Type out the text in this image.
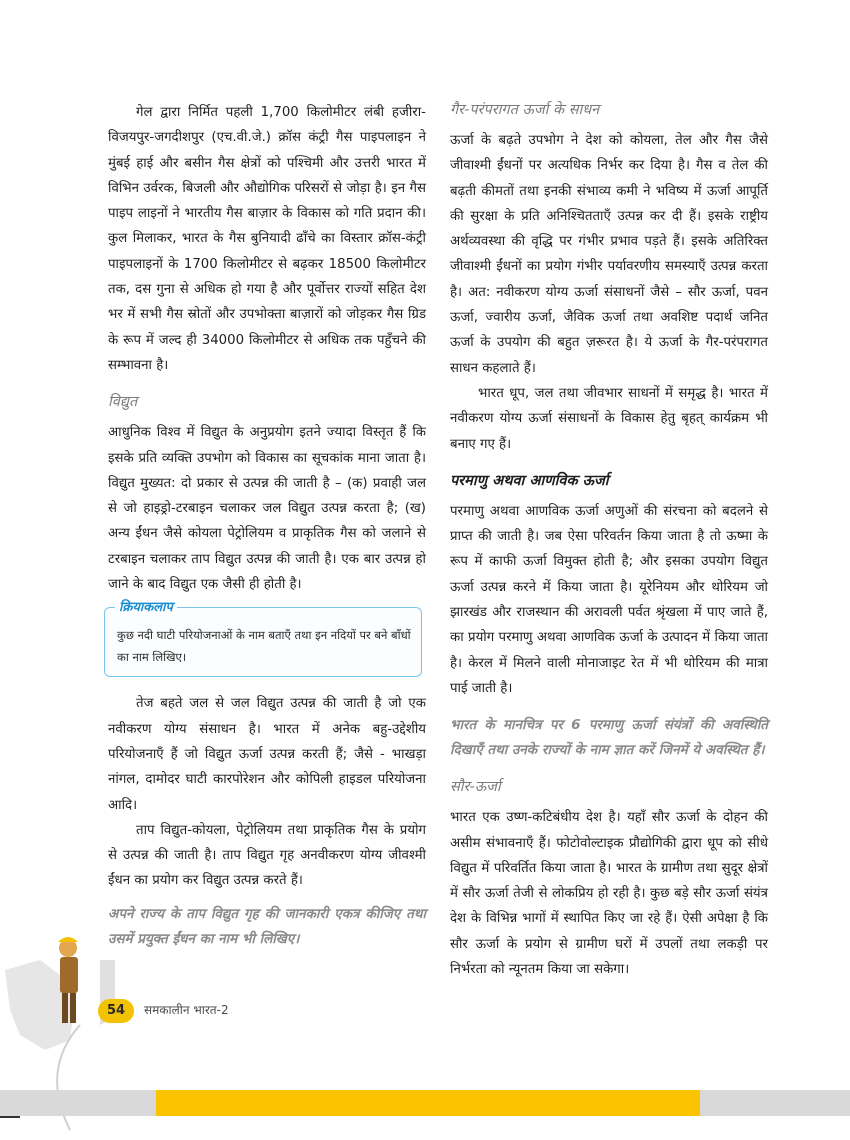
गेल द्वारा निर्मित पहली 1,700 किलोमीटर लंबी हजीरा-विजयपुर-जगदीशपुर (एच.वी.जे.) क्रॉस कंट्री गैस पाइपलाइन ने मुंबई हाई और बसीन गैस क्षेत्रों को पश्चिमी और उत्तरी भारत में विभिन उर्वरक, बिजली और औद्योगिक परिसरों से जोड़ा है। इन गैस पाइप लाइनों ने भारतीय गैस बाज़ार के विकास को गति प्रदान की। कुल मिलाकर, भारत के गैस बुनियादी ढाँचे का विस्तार क्रॉस-कंट्री पाइपलाइनों के 1700 किलोमीटर से बढ़कर 18500 किलोमीटर तक, दस गुना से अधिक हो गया है और पूर्वोत्तर राज्यों सहित देश भर में सभी गैस स्रोतों और उपभोक्ता बाज़ारों को जोड़कर गैस ग्रिड के रूप में जल्द ही 34000 किलोमीटर से अधिक तक पहुँचने की सम्भावना है।

विद्युत

आधुनिक विश्व में विद्युत के अनुप्रयोग इतने ज्यादा विस्तृत हैं कि इसके प्रति व्यक्ति उपभोग को विकास का सूचकांक माना जाता है। विद्युत मुख्यत: दो प्रकार से उत्पन्न की जाती है – (क) प्रवाही जल से जो हाइड्रो-टरबाइन चलाकर जल विद्युत उत्पन्न करता है; (ख) अन्य ईंधन जैसे कोयला पेट्रोलियम व प्राकृतिक गैस को जलाने से टरबाइन चलाकर ताप विद्युत उत्पन्न की जाती है। एक बार उत्पन्न हो जाने के बाद विद्युत एक जैसी ही होती है।

क्रियाकलाप

कुछ नदी घाटी परियोजनाओं के नाम बताएँ तथा इन नदियों पर बने बाँधों का नाम लिखिए।

तेज बहते जल से जल विद्युत उत्पन्न की जाती है जो एक नवीकरण योग्य संसाधन है। भारत में अनेक बहु-उद्देशीय परियोजनाएँ हैं जो विद्युत ऊर्जा उत्पन्न करती हैं; जैसे - भाखड़ा नांगल, दामोदर घाटी कारपोरेशन और कोपिली हाइडल परियोजना आदि।

ताप विद्युत-कोयला, पेट्रोलियम तथा प्राकृतिक गैस के प्रयोग से उत्पन्न की जाती है। ताप विद्युत गृह अनवीकरण योग्य जीवश्मी ईंधन का प्रयोग कर विद्युत उत्पन्न करते हैं।

अपने राज्य के ताप विद्युत गृह की जानकारी एकत्र कीजिए तथा उसमें प्रयुक्त ईंधन का नाम भी लिखिए।

गैर-परंपरागत ऊर्जा के साधन

ऊर्जा के बढ़ते उपभोग ने देश को कोयला, तेल और गैस जैसे जीवाश्मी ईंधनों पर अत्यधिक निर्भर कर दिया है। गैस व तेल की बढ़ती कीमतों तथा इनकी संभाव्य कमी ने भविष्य में ऊर्जा आपूर्ति की सुरक्षा के प्रति अनिश्चितताएँ उत्पन्न कर दी हैं। इसके राष्ट्रीय अर्थव्यवस्था की वृद्धि पर गंभीर प्रभाव पड़ते हैं। इसके अतिरिक्त जीवाश्मी ईंधनों का प्रयोग गंभीर पर्यावरणीय समस्याएँ उत्पन्न करता है। अत: नवीकरण योग्य ऊर्जा संसाधनों जैसे – सौर ऊर्जा, पवन ऊर्जा, ज्वारीय ऊर्जा, जैविक ऊर्जा तथा अवशिष्ट पदार्थ जनित ऊर्जा के उपयोग की बहुत ज़रूरत है। ये ऊर्जा के गैर-परंपरागत साधन कहलाते हैं।

भारत धूप, जल तथा जीवभार साधनों में समृद्ध है। भारत में नवीकरण योग्य ऊर्जा संसाधनों के विकास हेतु बृहत् कार्यक्रम भी बनाए गए हैं।

परमाणु अथवा आणविक ऊर्जा

परमाणु अथवा आणविक ऊर्जा अणुओं की संरचना को बदलने से प्राप्त की जाती है। जब ऐसा परिवर्तन किया जाता है तो ऊष्मा के रूप में काफी ऊर्जा विमुक्त होती है; और इसका उपयोग विद्युत ऊर्जा उत्पन्न करने में किया जाता है। यूरेनियम और थोरियम जो झारखंड और राजस्थान की अरावली पर्वत श्रृंखला में पाए जाते हैं, का प्रयोग परमाणु अथवा आणविक ऊर्जा के उत्पादन में किया जाता है। केरल में मिलने वाली मोनाजाइट रेत में भी थोरियम की मात्रा पाई जाती है।

भारत के मानचित्र पर 6 परमाणु ऊर्जा संयंत्रों की अवस्थिति दिखाएँ तथा उनके राज्यों के नाम ज्ञात करें जिनमें ये अवस्थित हैं।

सौर-ऊर्जा

भारत एक उष्ण-कटिबंधीय देश है। यहाँ सौर ऊर्जा के दोहन की असीम संभावनाएँ हैं। फोटोवोल्टाइक प्रौद्योगिकी द्वारा धूप को सीधे विद्युत में परिवर्तित किया जाता है। भारत के ग्रामीण तथा सुदूर क्षेत्रों में सौर ऊर्जा तेजी से लोकप्रिय हो रही है। कुछ बड़े सौर ऊर्जा संयंत्र देश के विभिन्न भागों में स्थापित किए जा रहे हैं। ऐसी अपेक्षा है कि सौर ऊर्जा के प्रयोग से ग्रामीण घरों में उपलों तथा लकड़ी पर निर्भरता को न्यूनतम किया जा सकेगा।

54	समकालीन भारत-2
